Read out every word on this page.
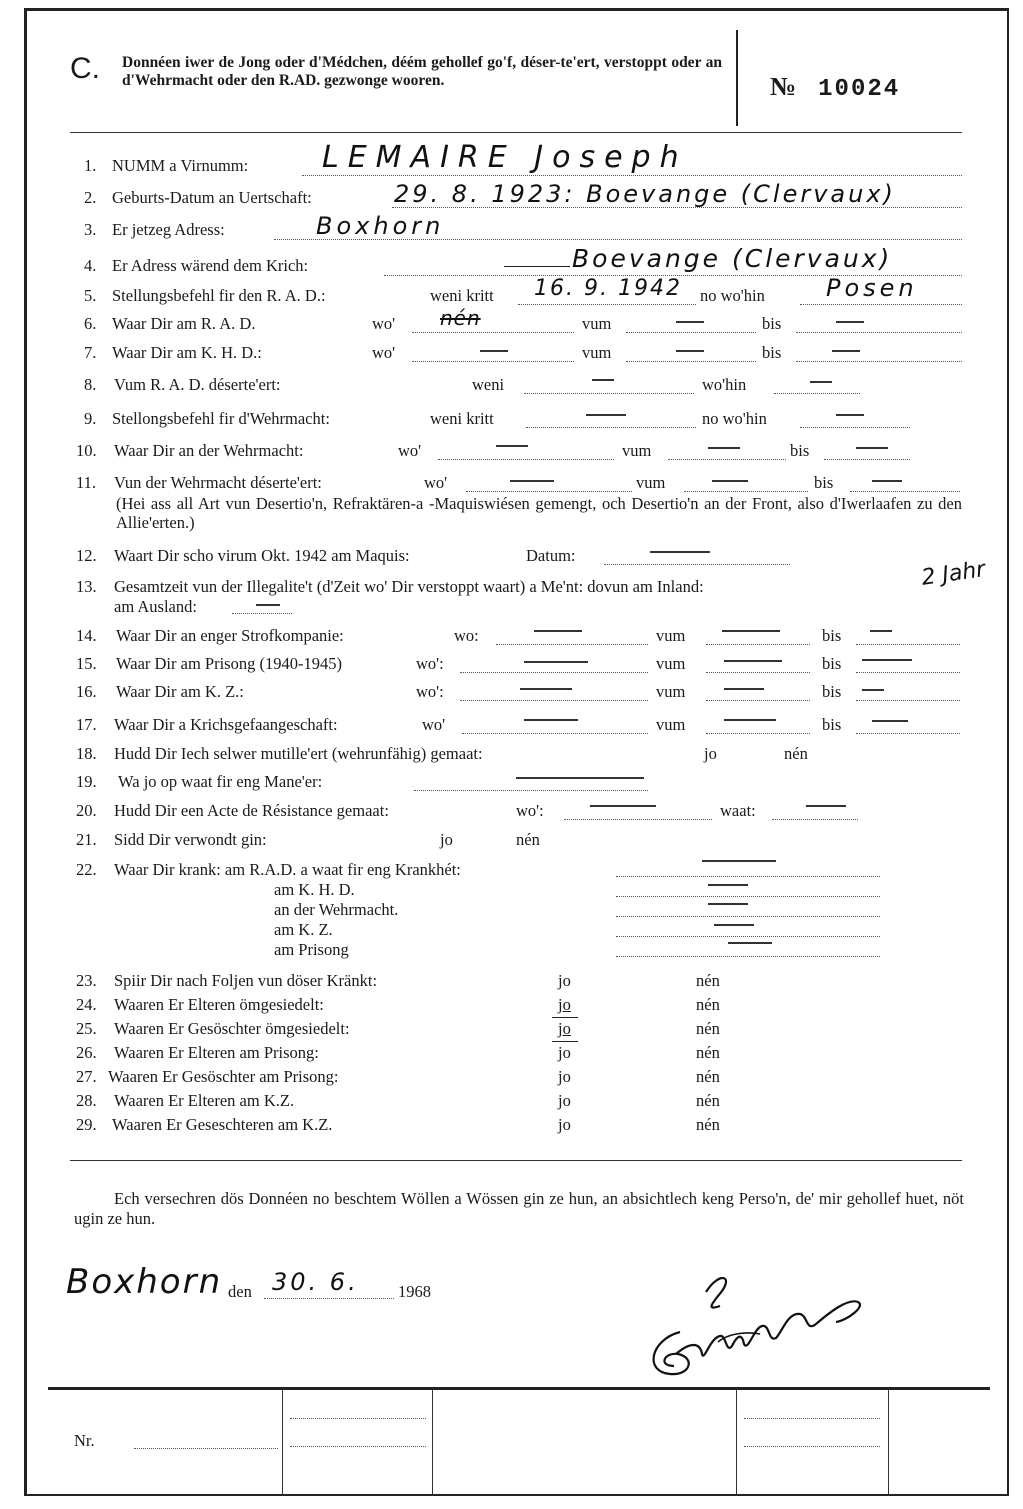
C. Donnéen iwer de Jong oder d'Médchen, déém gehollef go'f, déser-te'ert, verstoppt oder an d'Wehrmacht oder den R.AD. gezwonge wooren.	№ 10024
1. NUMM a Virnumm: LEMAIRE Joseph
2. Geburts-Datum an Uertschaft:	29. 8. 1923: Boevange (Clervaux)
3. Er jetzeg Adress:	Boxhorn
4. Er Adress wärend dem Krich:	Boevange (Clervaux)
5. Stellungsbefehl fir den R. A. D.:	weni kritt 16. 9. 1942 no wo'hin	Posen
6. Waar Dir am R. A. D.	wo' nén	vum	bis
7. Waar Dir am K. H. D.:	wo'	vum	bis
8. Vum R. A. D. déserte'ert:	weni	wo'hin
9. Stellongsbefehl fir d'Wehrmacht:	weni kritt	no wo'hin
10. Waar Dir an der Wehrmacht:	wo'	vum	bis
11. Vun der Wehrmacht déserte'ert:	wo'	vum	bis
(Hei ass all Art vun Desertio'n, Refraktären-a -Maquiswiésen gemengt, och Desertio'n an der Front, also d'Iwerlaafen zu den Allie'erten.)
12. Waart Dir scho virum Okt. 1942 am Maquis:	Datum:
13. Gesamtzeit vun der Illegalite't (d'Zeit wo' Dir verstoppt waart) a Me'nt: dovun am Inland:	2 Jahr
am Ausland:
14. Waar Dir an enger Strofkompanie:	wo:	vum	bis
15. Waar Dir am Prisong (1940-1945)	wo':	vum	bis
16. Waar Dir am K. Z.:	wo':	vum	bis
17. Waar Dir a Krichsgefaangeschaft:	wo'	vum	bis
18. Hudd Dir Iech selwer mutille'ert (wehrunfähig) gemaat:	jo	nén
19. Wa jo op waat fir eng Mane'er:
20. Hudd Dir een Acte de Résistance gemaat:	wo':	waat:
21. Sidd Dir verwondt gin:	jo	nén
22. Waar Dir krank: am R.A.D. a waat fir eng Krankhét:
am K. H. D.
an der Wehrmacht.
am K. Z.
am Prisong
23. Spiir Dir nach Foljen vun döser Kränkt:	jo	nén
24. Waaren Er Elteren ömgesiedelt:	jo	nén
25. Waaren Er Gesöschter ömgesiedelt:	jo	nén
26. Waaren Er Elteren am Prisong:	jo	nén
27. Waaren Er Gesöschter am Prisong:	jo	nén
28. Waaren Er Elteren am K.Z.	jo	nén
29. Waaren Er Geseschteren am K.Z.	jo	nén
Ech versechren dös Donnéen no beschtem Wöllen a Wössen gin ze hun, an absichtlech keng Perso'n, de' mir gehollef huet, nöt ugin ze hun.
Boxhorn den 30. 6. 1968
Nr.
